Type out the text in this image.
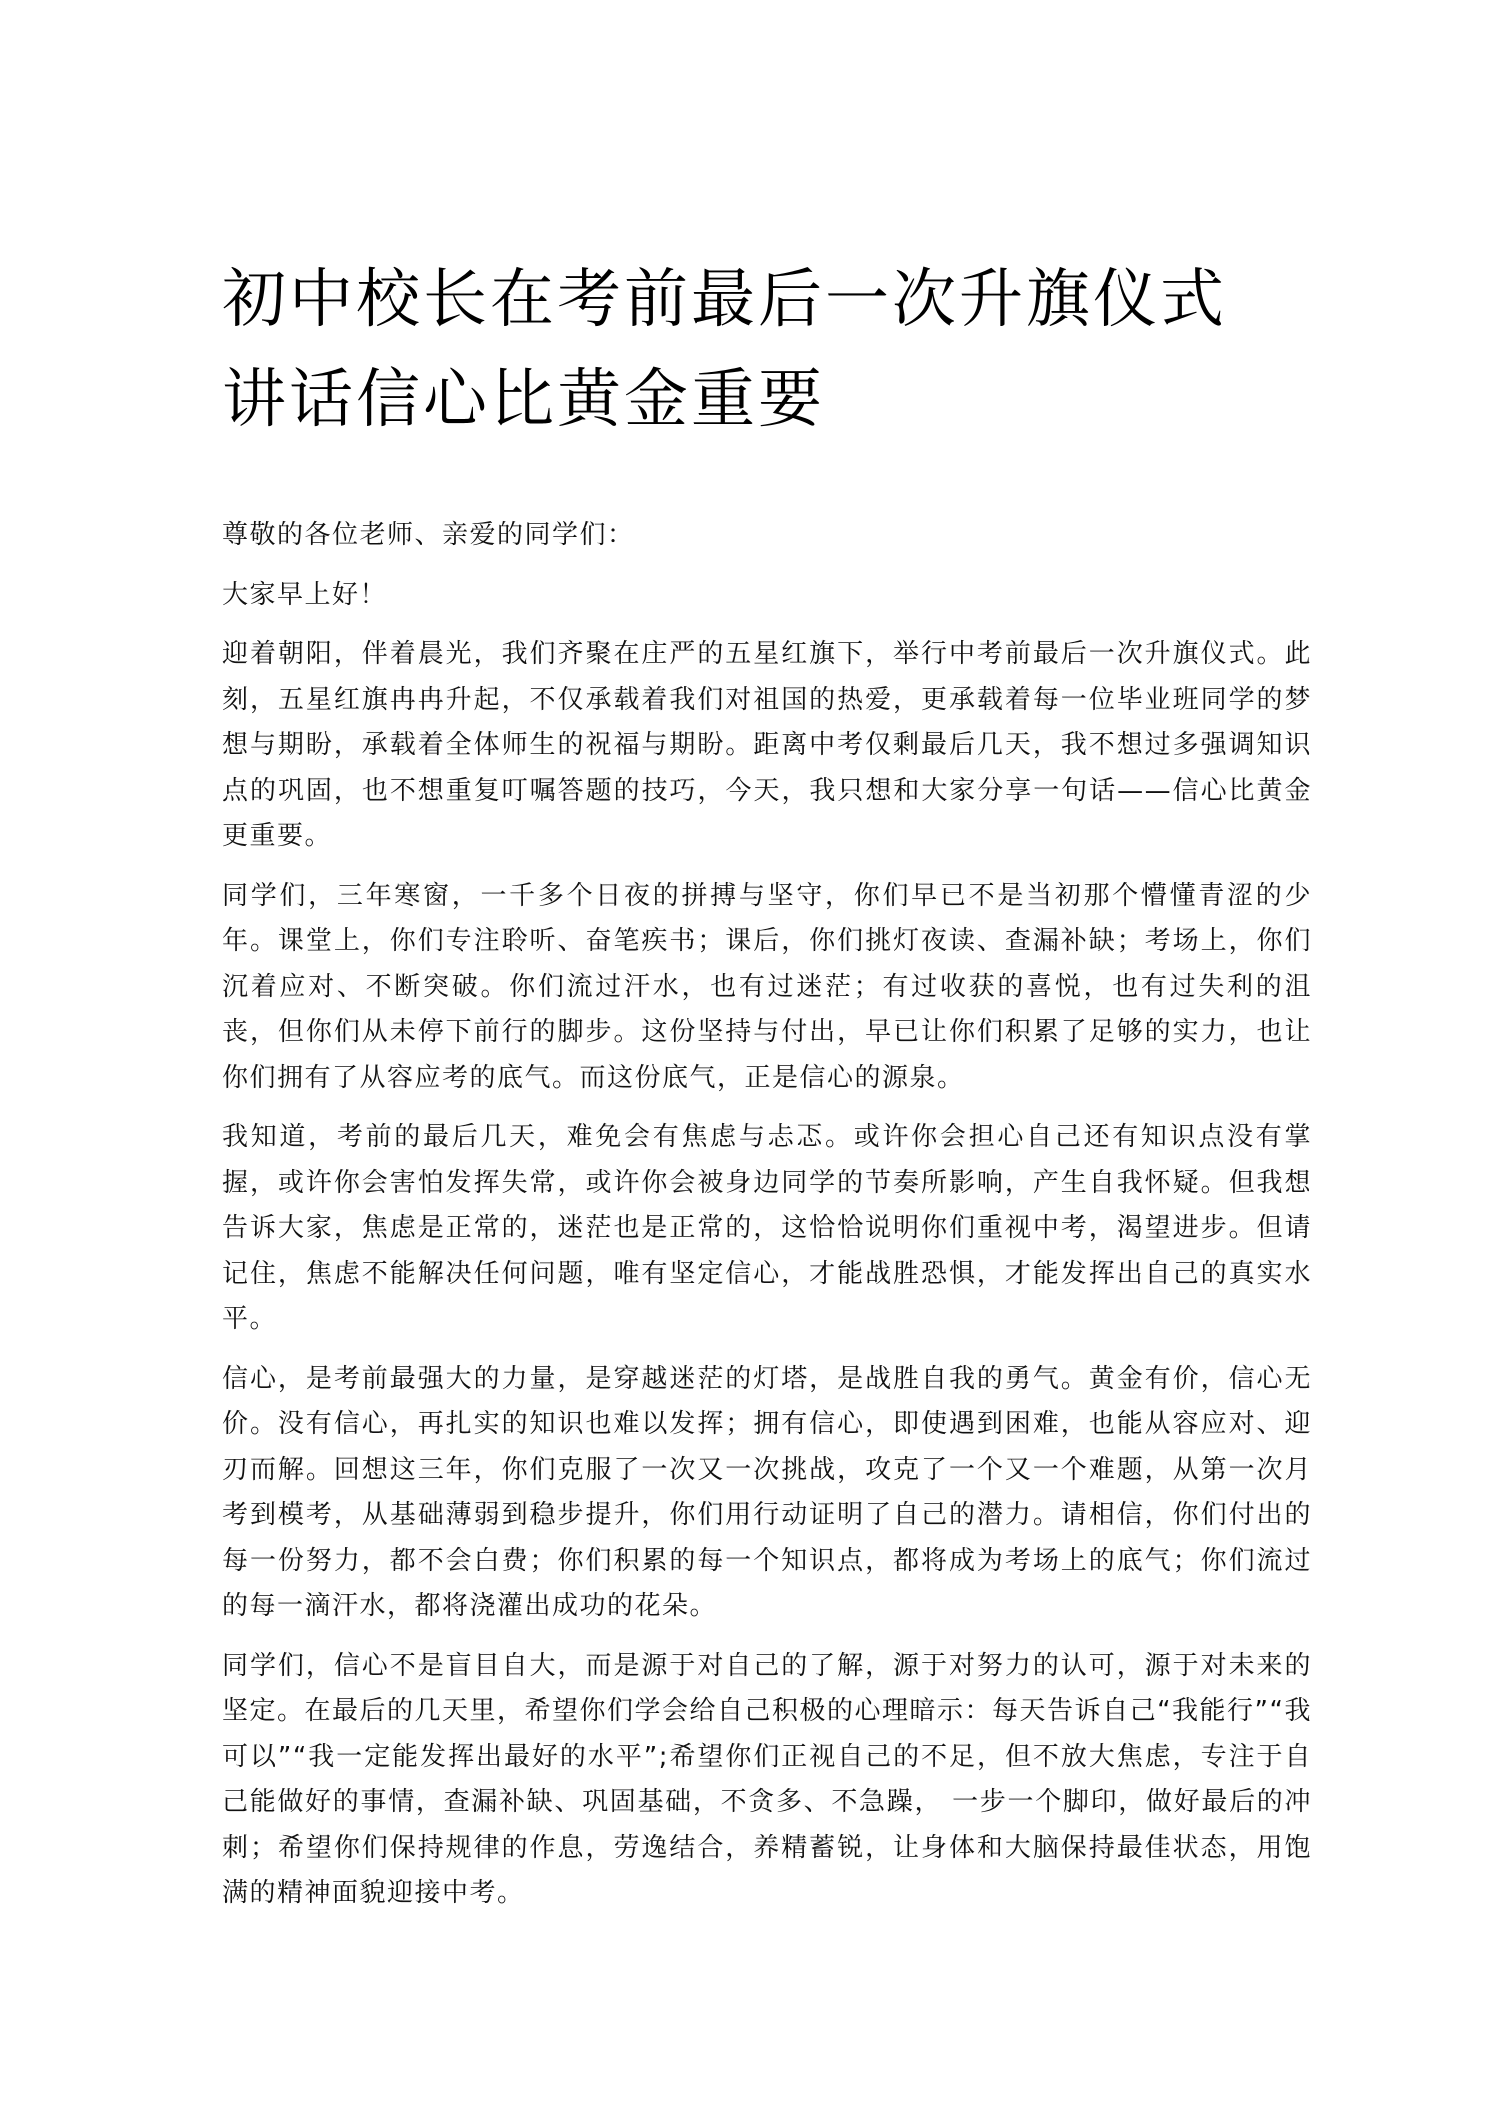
初中校长在考前最后一次升旗仪式
讲话信心比黄金重要

尊敬的各位老师、亲爱的同学们：

大家早上好！

迎着朝阳，伴着晨光，我们齐聚在庄严的五星红旗下，举行中考前最后一次升旗仪式。此刻，五星红旗冉冉升起，不仅承载着我们对祖国的热爱，更承载着每一位毕业班同学的梦想与期盼，承载着全体师生的祝福与期盼。距离中考仅剩最后几天，我不想过多强调知识点的巩固，也不想重复叮嘱答题的技巧，今天，我只想和大家分享一句话——信心比黄金更重要。

同学们，三年寒窗，一千多个日夜的拼搏与坚守，你们早已不是当初那个懵懂青涩的少年。课堂上，你们专注聆听、奋笔疾书；课后，你们挑灯夜读、查漏补缺；考场上，你们沉着应对、不断突破。你们流过汗水，也有过迷茫；有过收获的喜悦，也有过失利的沮丧，但你们从未停下前行的脚步。这份坚持与付出，早已让你们积累了足够的实力，也让你们拥有了从容应考的底气。而这份底气，正是信心的源泉。

我知道，考前的最后几天，难免会有焦虑与忐忑。或许你会担心自己还有知识点没有掌握，或许你会害怕发挥失常，或许你会被身边同学的节奏所影响，产生自我怀疑。但我想告诉大家，焦虑是正常的，迷茫也是正常的，这恰恰说明你们重视中考，渴望进步。但请记住，焦虑不能解决任何问题，唯有坚定信心，才能战胜恐惧，才能发挥出自己的真实水平。

信心，是考前最强大的力量，是穿越迷茫的灯塔，是战胜自我的勇气。黄金有价，信心无价。没有信心，再扎实的知识也难以发挥；拥有信心，即使遇到困难，也能从容应对、迎刃而解。回想这三年，你们克服了一次又一次挑战，攻克了一个又一个难题，从第一次月考到模考，从基础薄弱到稳步提升，你们用行动证明了自己的潜力。请相信，你们付出的每一份努力，都不会白费；你们积累的每一个知识点，都将成为考场上的底气；你们流过的每一滴汗水，都将浇灌出成功的花朵。

同学们，信心不是盲目自大，而是源于对自己的了解，源于对努力的认可，源于对未来的坚定。在最后的几天里，希望你们学会给自己积极的心理暗示：每天告诉自己“我能行”“我可以”“我一定能发挥出最好的水平”;希望你们正视自己的不足，但不放大焦虑，专注于自己能做好的事情，查漏补缺、巩固基础，不贪多、不急躁， 一步一个脚印，做好最后的冲刺；希望你们保持规律的作息，劳逸结合，养精蓄锐，让身体和大脑保持最佳状态，用饱满的精神面貌迎接中考。
